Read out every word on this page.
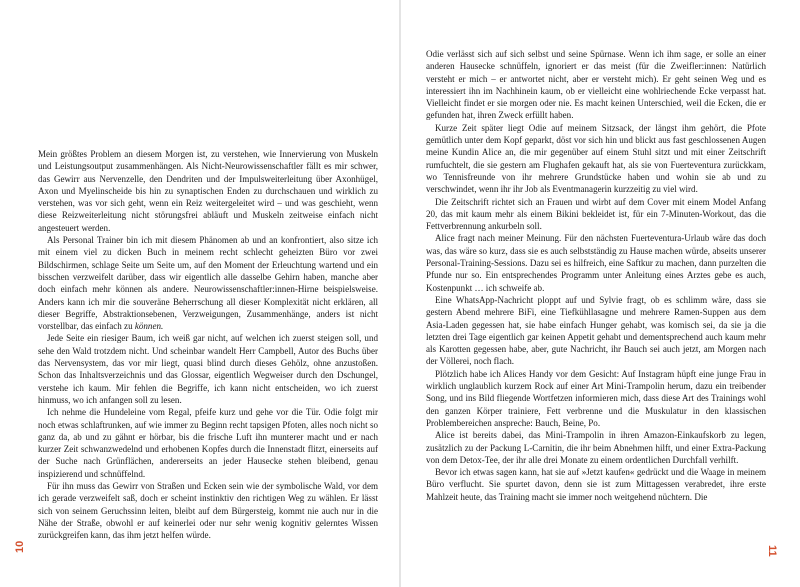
Mein größtes Problem an diesem Morgen ist, zu verstehen, wie Innervierung von Muskeln und Leistungsoutput zusammenhängen. Als Nicht-Neurowissenschaftler fällt es mir schwer, das Gewirr aus Nervenzelle, den Dendriten und der Impulsweiterleitung über Axonhügel, Axon und Myelinscheide bis hin zu synaptischen Enden zu durchschauen und wirklich zu verstehen, was vor sich geht, wenn ein Reiz weitergeleitet wird – und was geschieht, wenn diese Reizweiterleitung nicht störungsfrei abläuft und Muskeln zeitweise einfach nicht angesteuert werden.

Als Personal Trainer bin ich mit diesem Phänomen ab und an konfrontiert, also sitze ich mit einem viel zu dicken Buch in meinem recht schlecht geheizten Büro vor zwei Bildschirmen, schlage Seite um Seite um, auf den Moment der Erleuchtung wartend und ein bisschen verzweifelt darüber, dass wir eigentlich alle dasselbe Gehirn haben, manche aber doch einfach mehr können als andere. Neurowissenschaftler:innen-Hirne beispielsweise. Anders kann ich mir die souveräne Beherrschung all dieser Komplexität nicht erklären, all dieser Begriffe, Abstraktionsebenen, Verzweigungen, Zusammenhänge, anders ist nicht vorstellbar, das einfach zu können.

Jede Seite ein riesiger Baum, ich weiß gar nicht, auf welchen ich zuerst steigen soll, und sehe den Wald trotzdem nicht. Und scheinbar wandelt Herr Campbell, Autor des Buchs über das Nervensystem, das vor mir liegt, quasi blind durch dieses Gehölz, ohne anzustoßen. Schon das Inhaltsverzeichnis und das Glossar, eigentlich Wegweiser durch den Dschungel, verstehe ich kaum. Mir fehlen die Begriffe, ich kann nicht entscheiden, wo ich zuerst hinmuss, wo ich anfangen soll zu lesen.

Ich nehme die Hundeleine vom Regal, pfeife kurz und gehe vor die Tür. Odie folgt mir noch etwas schlaftrunken, auf wie immer zu Beginn recht tapsigen Pfoten, alles noch nicht so ganz da, ab und zu gähnt er hörbar, bis die frische Luft ihn munterer macht und er nach kurzer Zeit schwanzwedelnd und erhobenen Kopfes durch die Innenstadt flitzt, einerseits auf der Suche nach Grünflächen, andererseits an jeder Hausecke stehen bleibend, genau inspizierend und schnüffelnd.

Für ihn muss das Gewirr von Straßen und Ecken sein wie der symbolische Wald, vor dem ich gerade verzweifelt saß, doch er scheint instinktiv den richtigen Weg zu wählen. Er lässt sich von seinem Geruchssinn leiten, bleibt auf dem Bürgersteig, kommt nie auch nur in die Nähe der Straße, obwohl er auf keinerlei oder nur sehr wenig kognitiv gelerntes Wissen zurückgreifen kann, das ihm jetzt helfen würde.

Odie verlässt sich auf sich selbst und seine Spürnase. Wenn ich ihm sage, er solle an einer anderen Hausecke schnüffeln, ignoriert er das meist (für die Zweifler:innen: Natürlich versteht er mich – er antwortet nicht, aber er versteht mich). Er geht seinen Weg und es interessiert ihn im Nachhinein kaum, ob er vielleicht eine wohlriechende Ecke verpasst hat. Vielleicht findet er sie morgen oder nie. Es macht keinen Unterschied, weil die Ecken, die er gefunden hat, ihren Zweck erfüllt haben.

Kurze Zeit später liegt Odie auf meinem Sitzsack, der längst ihm gehört, die Pfote gemütlich unter dem Kopf geparkt, döst vor sich hin und blickt aus fast geschlossenen Augen meine Kundin Alice an, die mir gegenüber auf einem Stuhl sitzt und mit einer Zeitschrift rumfuchtelt, die sie gestern am Flughafen gekauft hat, als sie von Fuerteventura zurückkam, wo Tennisfreunde von ihr mehrere Grundstücke haben und wohin sie ab und zu verschwindet, wenn ihr ihr Job als Eventmanagerin kurzzeitig zu viel wird.

Die Zeitschrift richtet sich an Frauen und wirbt auf dem Cover mit einem Model Anfang 20, das mit kaum mehr als einem Bikini bekleidet ist, für ein 7-Minuten-Workout, das die Fettverbrennung ankurbeln soll.

Alice fragt nach meiner Meinung. Für den nächsten Fuerteventura-Urlaub wäre das doch was, das wäre so kurz, dass sie es auch selbstständig zu Hause machen würde, abseits unserer Personal-Training-Sessions. Dazu sei es hilfreich, eine Saftkur zu machen, dann purzelten die Pfunde nur so. Ein entsprechendes Programm unter Anleitung eines Arztes gebe es auch, Kostenpunkt … ich schweife ab.

Eine WhatsApp-Nachricht ploppt auf und Sylvie fragt, ob es schlimm wäre, dass sie gestern Abend mehrere BiFi, eine Tiefkühllasagne und mehrere Ramen-Suppen aus dem Asia-Laden gegessen hat, sie habe einfach Hunger gehabt, was komisch sei, da sie ja die letzten drei Tage eigentlich gar keinen Appetit gehabt und dementsprechend auch kaum mehr als Karotten gegessen habe, aber, gute Nachricht, ihr Bauch sei auch jetzt, am Morgen nach der Völlerei, noch flach.

Plötzlich habe ich Alices Handy vor dem Gesicht: Auf Instagram hüpft eine junge Frau in wirklich unglaublich kurzem Rock auf einer Art Mini-Trampolin herum, dazu ein treibender Song, und ins Bild fliegende Wortfetzen informieren mich, dass diese Art des Trainings wohl den ganzen Körper trainiere, Fett verbrenne und die Muskulatur in den klassischen Problembereichen anspreche: Bauch, Beine, Po.

Alice ist bereits dabei, das Mini-Trampolin in ihren Amazon-Einkaufskorb zu legen, zusätzlich zu der Packung L-Carnitin, die ihr beim Abnehmen hilft, und einer Extra-Packung von dem Detox-Tee, der ihr alle drei Monate zu einem ordentlichen Durchfall verhilft.

Bevor ich etwas sagen kann, hat sie auf »Jetzt kaufen« gedrückt und die Waage in meinem Büro verflucht. Sie spurtet davon, denn sie ist zum Mittagessen verabredet, ihre erste Mahlzeit heute, das Training macht sie immer noch weitgehend nüchtern. Die

10	11
